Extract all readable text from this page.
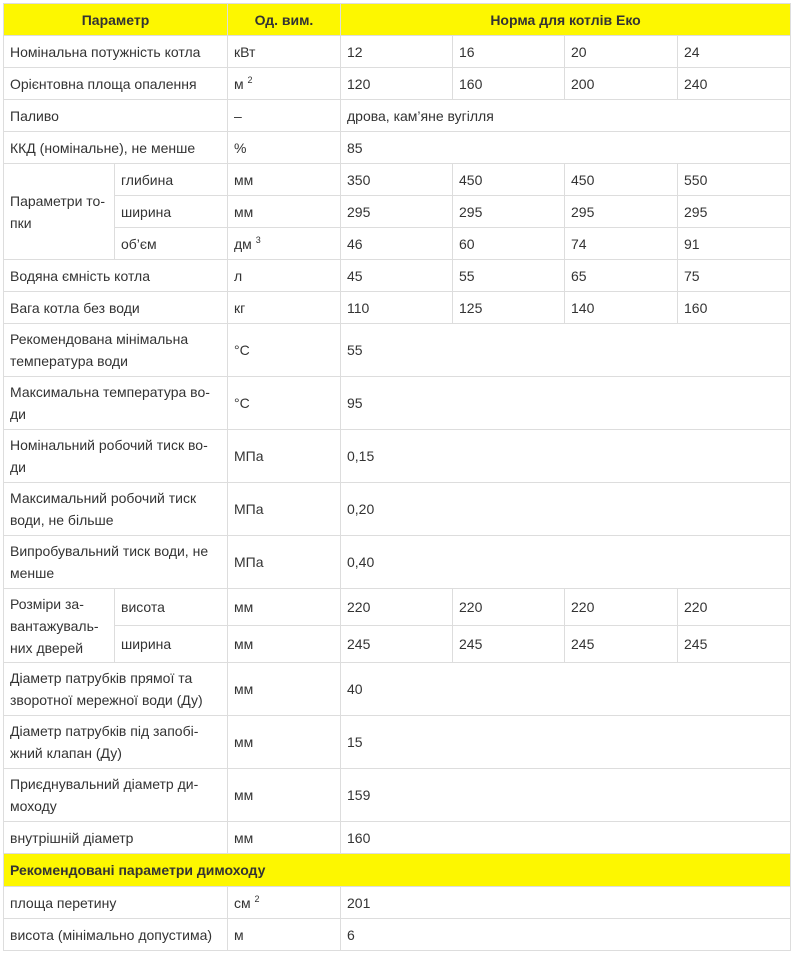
Параметр		Од. вим.	Норма для котлів Еко			
Номінальна потужність котла		кВт	12	16	20	24
Орієнтовна площа опалення		м $^2$	120	160	200	240
Паливо		–	дрова, кам’яне вугілля			
ККД (номінальне), не менше		%	85			
Параметри то-пки	глибина	мм	350	450	450	550
	ширина	мм	295	295	295	295
	об’єм	дм $^3$	46	60	74	91
Водяна ємність котла		л	45	55	65	75
Вага котла без води		кг	110	125	140	160
Рекомендована мінімальна температура води		°С	55			
Максимальна температура во-ди		°С	95			
Номінальний робочий тиск во-ди		МПа	0,15			
Максимальний робочий тиск води, не більше		МПа	0,20			
Випробувальний тиск води, не менше		МПа	0,40			
Розміри за-вантажуваль-них дверей	висота	мм	220	220	220	220
	ширина	мм	245	245	245	245
Діаметр патрубків прямої та зворотної мережної води (Ду)		мм	40			
Діаметр патрубків під запобі-жний клапан (Ду)		мм	15			
Приєднувальний діаметр ди-моходу		мм	159			
внутрішній діаметр		мм	160			
Рекомендовані параметри димоходу						
площа перетину		см $^2$	201			
висота (мінімально допустима)		м	6			
